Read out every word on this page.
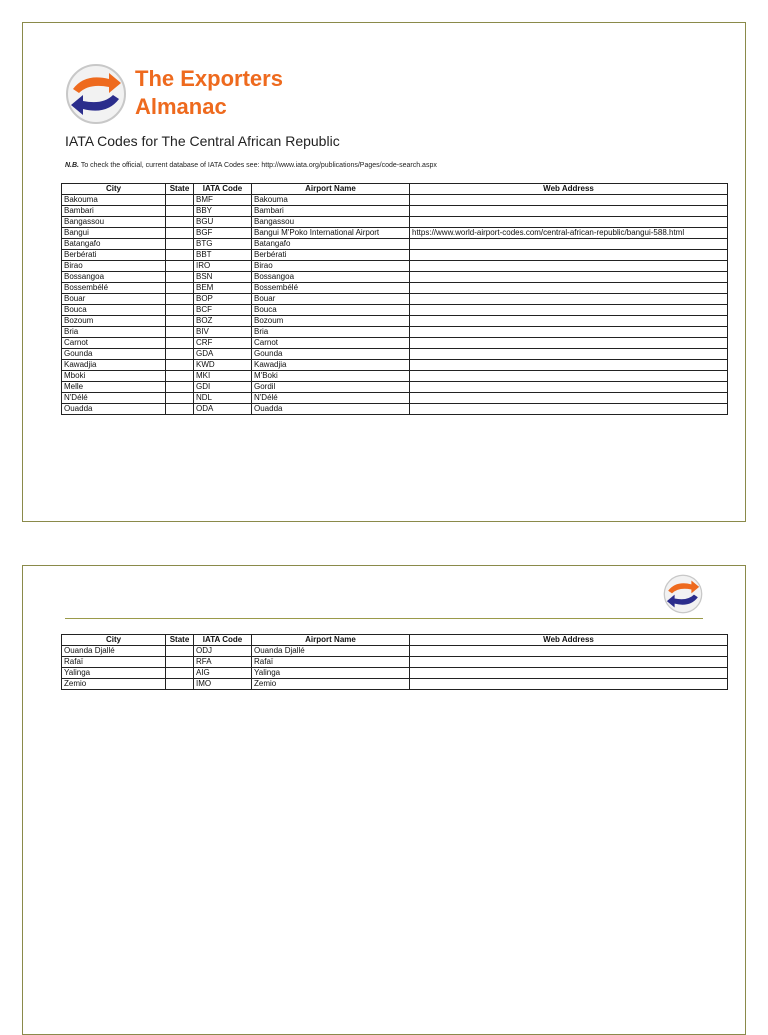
The Exporters
Almanac
IATA Codes for The Central African Republic
N.B. To check the official, current database of IATA Codes see: http://www.iata.org/publications/Pages/code-search.aspx
City	State	IATA Code	Airport Name	Web Address
Bakouma		BMF	Bakouma	
Bambari		BBY	Bambari	
Bangassou		BGU	Bangassou	
Bangui		BGF	Bangui M'Poko International Airport	https://www.world-airport-codes.com/central-african-republic/bangui-588.html
Batangafo		BTG	Batangafo	
Berbérati		BBT	Berbérati	
Birao		IRO	Birao	
Bossangoa		BSN	Bossangoa	
Bossembélé		BEM	Bossembélé	
Bouar		BOP	Bouar	
Bouca		BCF	Bouca	
Bozoum		BOZ	Bozoum	
Bria		BIV	Bria	
Carnot		CRF	Carnot	
Gounda		GDA	Gounda	
Kawadjia		KWD	Kawadjia	
Mboki		MKI	M'Boki	
Melle		GDI	Gordil	
N'Délé		NDL	N'Délé	
Ouadda		ODA	Ouadda	
City	State	IATA Code	Airport Name	Web Address
Ouanda Djallé		ODJ	Ouanda Djallé	
Rafaï		RFA	Rafaï	
Yalinga		AIG	Yalinga	
Zemio		IMO	Zemio	
